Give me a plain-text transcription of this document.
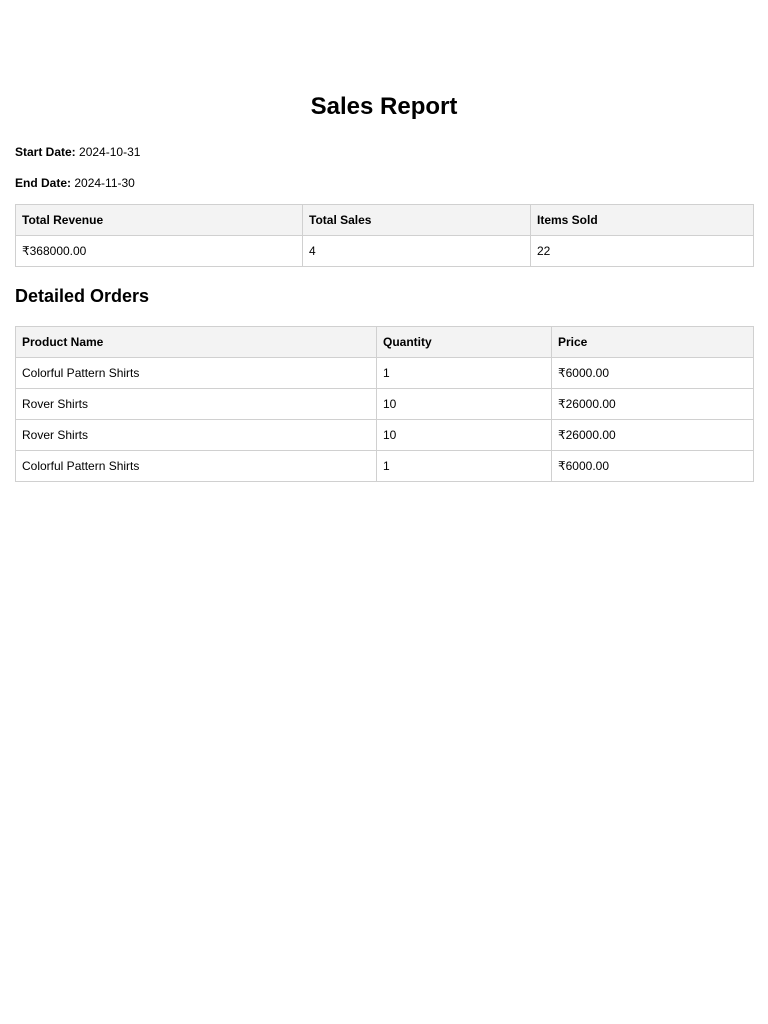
Sales Report

Start Date: 2024-10-31

End Date: 2024-11-30

Total Revenue	Total Sales	Items Sold
₹368000.00	4	22
Detailed Orders
Product Name	Quantity	Price
Colorful Pattern Shirts	1	₹6000.00
Rover Shirts	10	₹26000.00
Rover Shirts	10	₹26000.00
Colorful Pattern Shirts	1	₹6000.00
